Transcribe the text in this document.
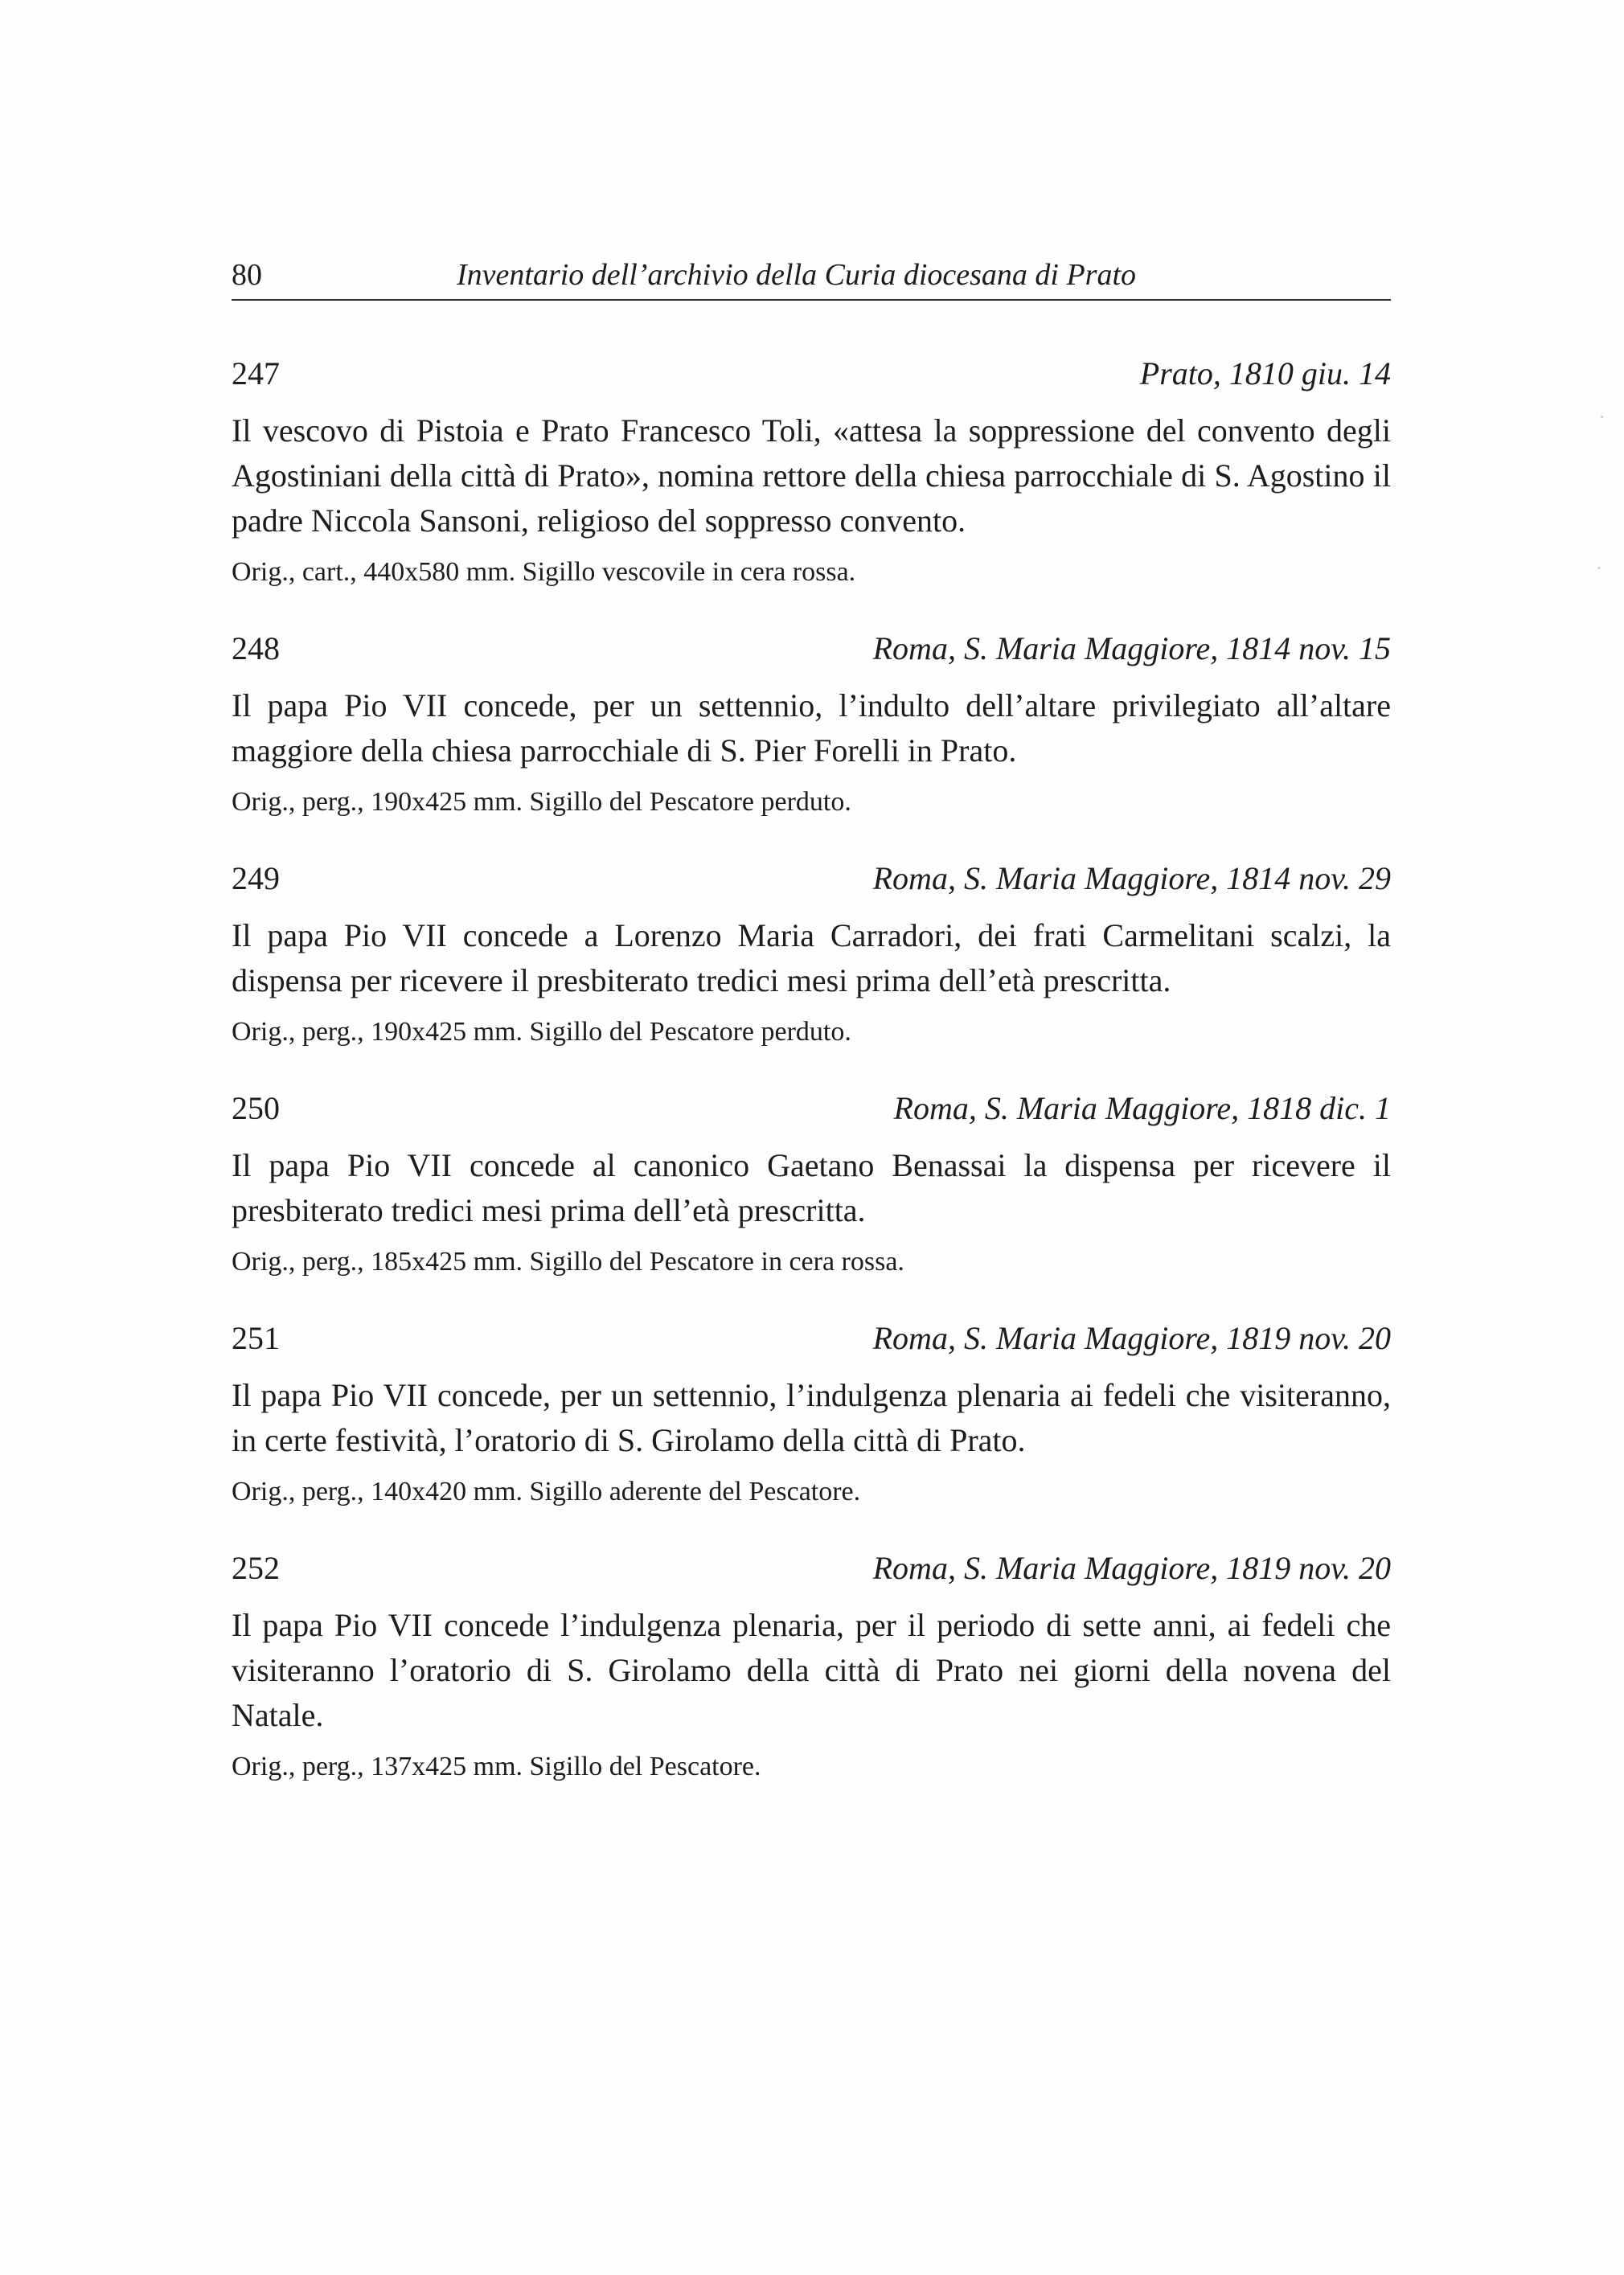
80	Inventario dell’archivio della Curia diocesana di Prato
247	Prato, 1810 giu. 14

Il vescovo di Pistoia e Prato Francesco Toli, «attesa la soppressione del convento degli Agostiniani della città di Prato», nomina rettore della chiesa parrocchiale di S. Agostino il padre Niccola Sansoni, religioso del soppresso convento.

Orig., cart., 440x580 mm. Sigillo vescovile in cera rossa.

248	Roma, S. Maria Maggiore, 1814 nov. 15

Il papa Pio VII concede, per un settennio, l’indulto dell’altare privilegiato all’altare maggiore della chiesa parrocchiale di S. Pier Forelli in Prato.

Orig., perg., 190x425 mm. Sigillo del Pescatore perduto.

249	Roma, S. Maria Maggiore, 1814 nov. 29

Il papa Pio VII concede a Lorenzo Maria Carradori, dei frati Carmelitani scalzi, la dispensa per ricevere il presbiterato tredici mesi prima dell’età prescritta.

Orig., perg., 190x425 mm. Sigillo del Pescatore perduto.

250	Roma, S. Maria Maggiore, 1818 dic. 1

Il papa Pio VII concede al canonico Gaetano Benassai la dispensa per ricevere il presbiterato tredici mesi prima dell’età prescritta.

Orig., perg., 185x425 mm. Sigillo del Pescatore in cera rossa.

251	Roma, S. Maria Maggiore, 1819 nov. 20

Il papa Pio VII concede, per un settennio, l’indulgenza plenaria ai fedeli che visiteranno, in certe festività, l’oratorio di S. Girolamo della città di Prato.

Orig., perg., 140x420 mm. Sigillo aderente del Pescatore.

252	Roma, S. Maria Maggiore, 1819 nov. 20

Il papa Pio VII concede l’indulgenza plenaria, per il periodo di sette anni, ai fedeli che visiteranno l’oratorio di S. Girolamo della città di Prato nei giorni della novena del Natale.

Orig., perg., 137x425 mm. Sigillo del Pescatore.

˙
˙
